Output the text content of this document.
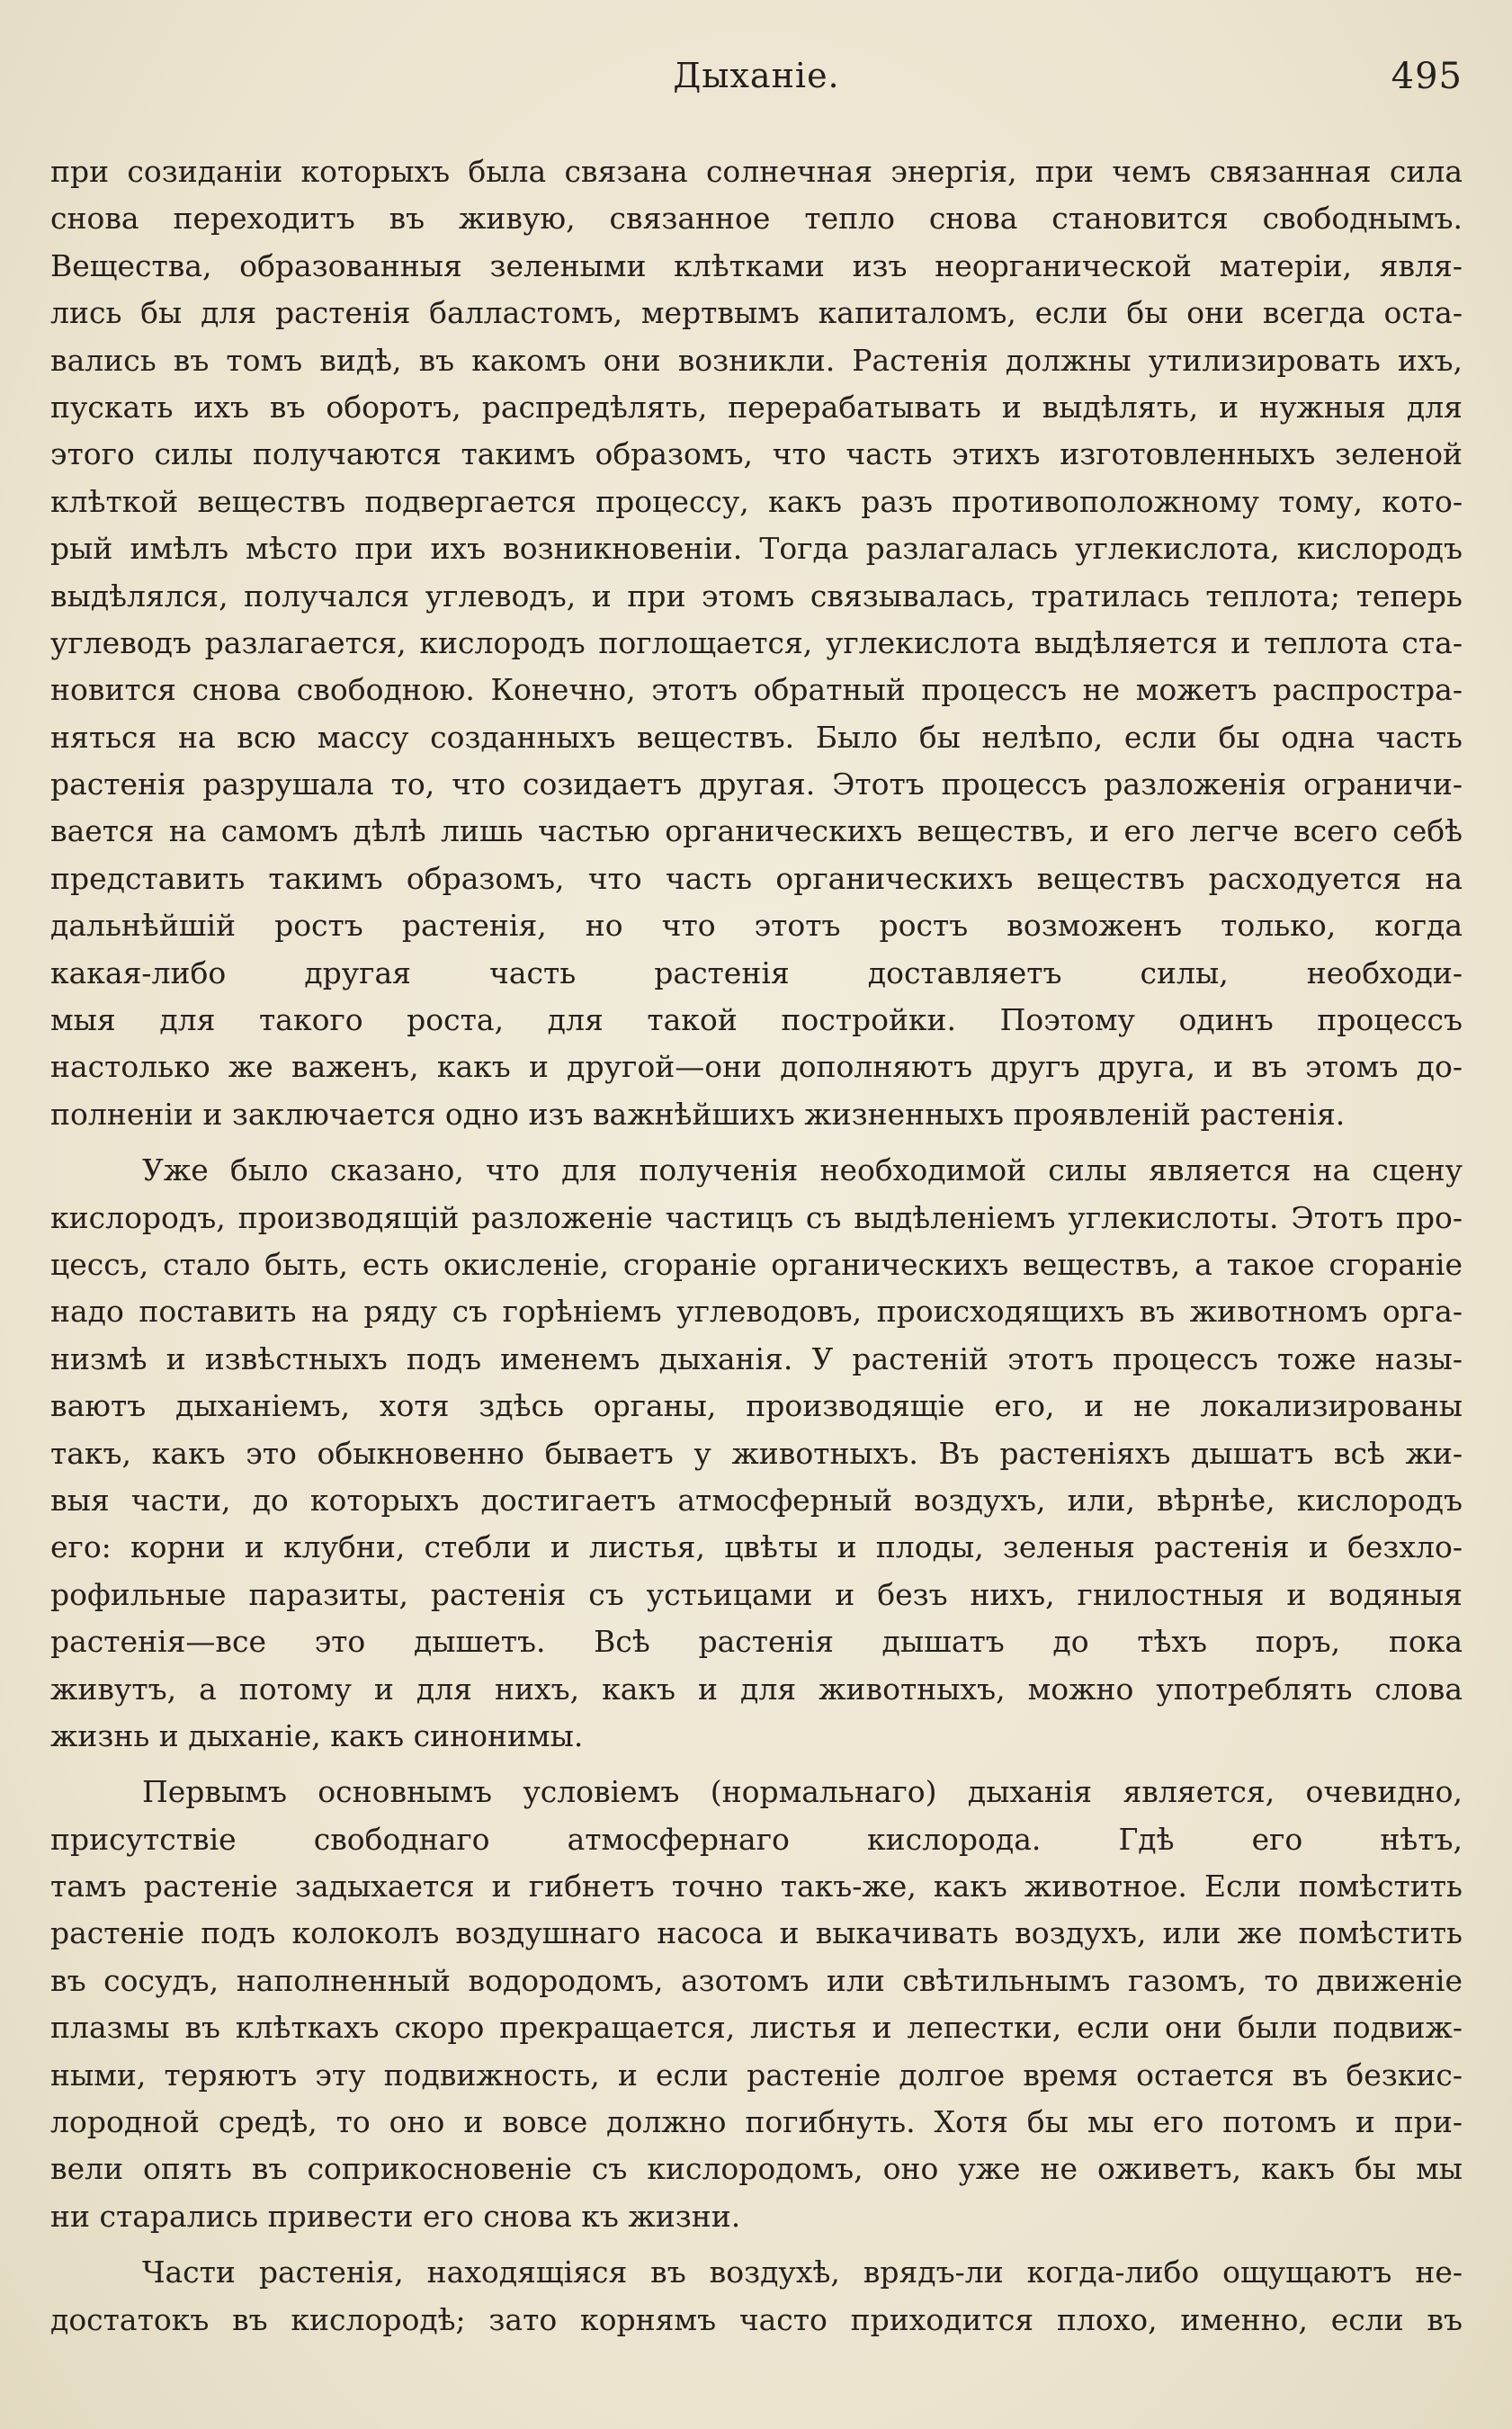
Дыханіе.	495
при созиданіи которыхъ была связана солнечная энергія, при чемъ связанная сила
снова переходитъ въ живую, связанное тепло снова становится свободнымъ.
Вещества, образованныя зелеными клѣтками изъ неорганической матеріи, явля-
лись бы для растенія балластомъ, мертвымъ капиталомъ, если бы они всегда оста-
вались въ томъ видѣ, въ какомъ они возникли. Растенія должны утилизировать ихъ,
пускать ихъ въ оборотъ, распредѣлять, перерабатывать и выдѣлять, и нужныя для
этого силы получаются такимъ образомъ, что часть этихъ изготовленныхъ зеленой
клѣткой веществъ подвергается процессу, какъ разъ противоположному тому, кото-
рый имѣлъ мѣсто при ихъ возникновеніи. Тогда разлагалась углекислота, кислородъ
выдѣлялся, получался углеводъ, и при этомъ связывалась, тратилась теплота; теперь
углеводъ разлагается, кислородъ поглощается, углекислота выдѣляется и теплота ста-
новится снова свободною. Конечно, этотъ обратный процессъ не можетъ распростра-
няться на всю массу созданныхъ веществъ. Было бы нелѣпо, если бы одна часть
растенія разрушала то, что созидаетъ другая. Этотъ процессъ разложенія ограничи-
вается на самомъ дѣлѣ лишь частью органическихъ веществъ, и его легче всего себѣ
представить такимъ образомъ, что часть органическихъ веществъ расходуется на
дальнѣйшій ростъ растенія, но что этотъ ростъ возможенъ только, когда
какая-либо другая часть растенія доставляетъ силы, необходи-
мыя для такого роста, для такой постройки. Поэтому одинъ процессъ
настолько же важенъ, какъ и другой—они дополняютъ другъ друга, и въ этомъ до-
полненіи и заключается одно изъ важнѣйшихъ жизненныхъ проявленій растенія.
Уже было сказано, что для полученія необходимой силы является на сцену
кислородъ, производящій разложеніе частицъ съ выдѣленіемъ углекислоты. Этотъ про-
цессъ, стало быть, есть окисленіе, сгораніе органическихъ веществъ, а такое сгораніе
надо поставить на ряду съ горѣніемъ углеводовъ, происходящихъ въ животномъ орга-
низмѣ и извѣстныхъ подъ именемъ дыханія. У растеній этотъ процессъ тоже назы-
ваютъ дыханіемъ, хотя здѣсь органы, производящіе его, и не локализированы
такъ, какъ это обыкновенно бываетъ у животныхъ. Въ растеніяхъ дышатъ всѣ жи-
выя части, до которыхъ достигаетъ атмосферный воздухъ, или, вѣрнѣе, кислородъ
его: корни и клубни, стебли и листья, цвѣты и плоды, зеленыя растенія и безхло-
рофильные паразиты, растенія съ устьицами и безъ нихъ, гнилостныя и водяныя
растенія—все это дышетъ. Всѣ растенія дышатъ до тѣхъ поръ, пока
живутъ, а потому и для нихъ, какъ и для животныхъ, можно употреблять слова
жизнь и дыханіе, какъ синонимы.
Первымъ основнымъ условіемъ (нормальнаго) дыханія является, очевидно,
присутствіе свободнаго атмосфернаго кислорода. Гдѣ его нѣтъ,
тамъ растеніе задыхается и гибнетъ точно такъ-же, какъ животное. Если помѣстить
растеніе подъ колоколъ воздушнаго насоса и выкачивать воздухъ, или же помѣстить
въ сосудъ, наполненный водородомъ, азотомъ или свѣтильнымъ газомъ, то движеніе
плазмы въ клѣткахъ скоро прекращается, листья и лепестки, если они были подвиж-
ными, теряютъ эту подвижность, и если растеніе долгое время остается въ безкис-
лородной средѣ, то оно и вовсе должно погибнуть. Хотя бы мы его потомъ и при-
вели опять въ соприкосновеніе съ кислородомъ, оно уже не оживетъ, какъ бы мы
ни старались привести его снова къ жизни.
Части растенія, находящіяся въ воздухѣ, врядъ-ли когда-либо ощущаютъ не-
достатокъ въ кислородѣ; зато корнямъ часто приходится плохо, именно, если въ
